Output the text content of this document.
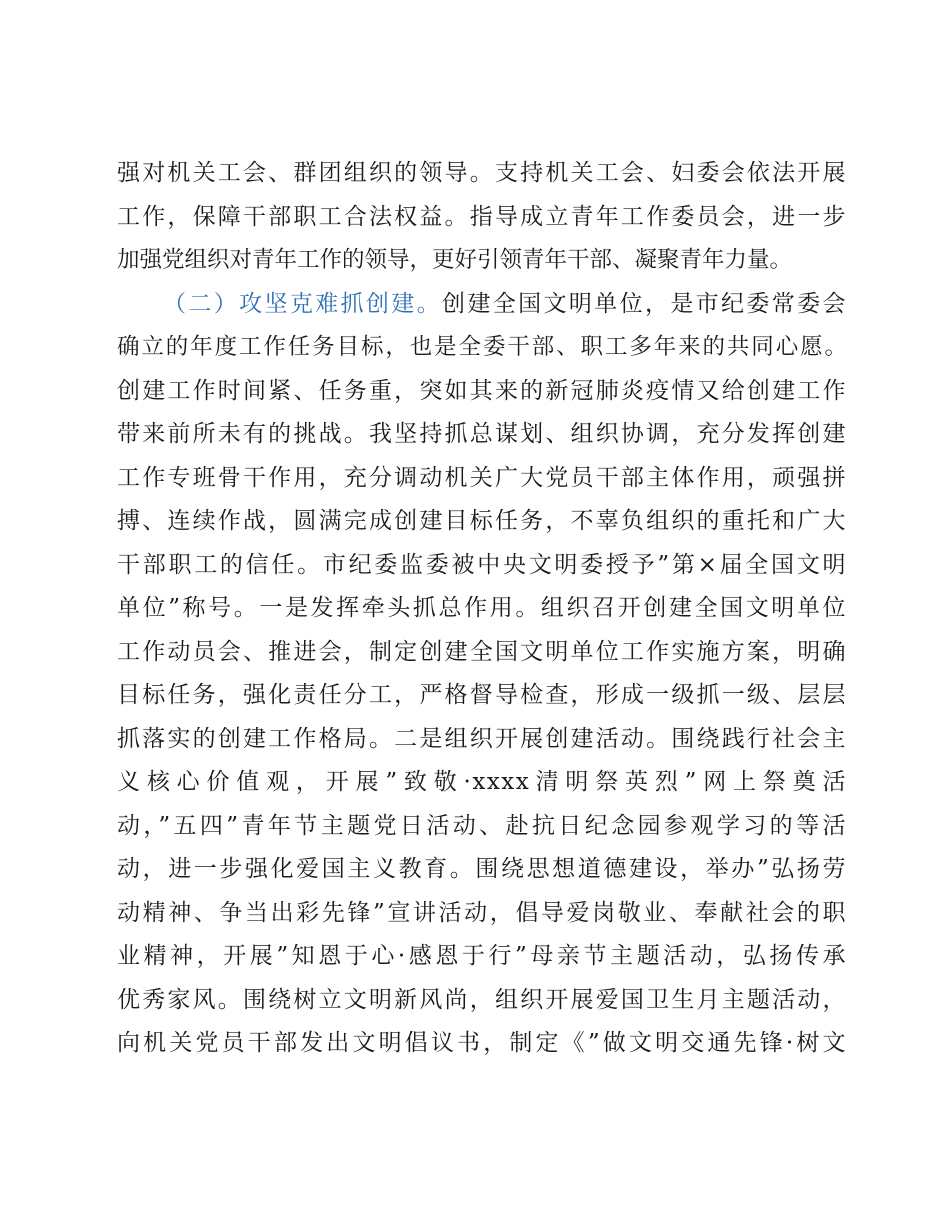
强对机关工会、群团组织的领导。支持机关工会、妇委会依法开展
工作，保障干部职工合法权益。指导成立青年工作委员会，进一步
加强党组织对青年工作的领导，更好引领青年干部、凝聚青年力量。
（二）攻坚克难抓创建。创建全国文明单位，是市纪委常委会
确立的年度工作任务目标，也是全委干部、职工多年来的共同心愿。
创建工作时间紧、任务重，突如其来的新冠肺炎疫情又给创建工作
带来前所未有的挑战。我坚持抓总谋划、组织协调，充分发挥创建
工作专班骨干作用，充分调动机关广大党员干部主体作用，顽强拼
搏、连续作战，圆满完成创建目标任务，不辜负组织的重托和广大
干部职工的信任。市纪委监委被中央文明委授予”第×届全国文明
单位”称号。一是发挥牵头抓总作用。组织召开创建全国文明单位
工作动员会、推进会，制定创建全国文明单位工作实施方案，明确
目标任务，强化责任分工，严格督导检查，形成一级抓一级、层层
抓落实的创建工作格局。二是组织开展创建活动。围绕践行社会主
义核心价值观，开展”致敬·xxxx清明祭英烈”网上祭奠活
动，”五四”青年节主题党日活动、赴抗日纪念园参观学习的等活
动，进一步强化爱国主义教育。围绕思想道德建设，举办”弘扬劳
动精神、争当出彩先锋”宣讲活动，倡导爱岗敬业、奉献社会的职
业精神，开展”知恩于心·感恩于行”母亲节主题活动，弘扬传承
优秀家风。围绕树立文明新风尚，组织开展爱国卫生月主题活动，
向机关党员干部发出文明倡议书，制定《”做文明交通先锋·树文
